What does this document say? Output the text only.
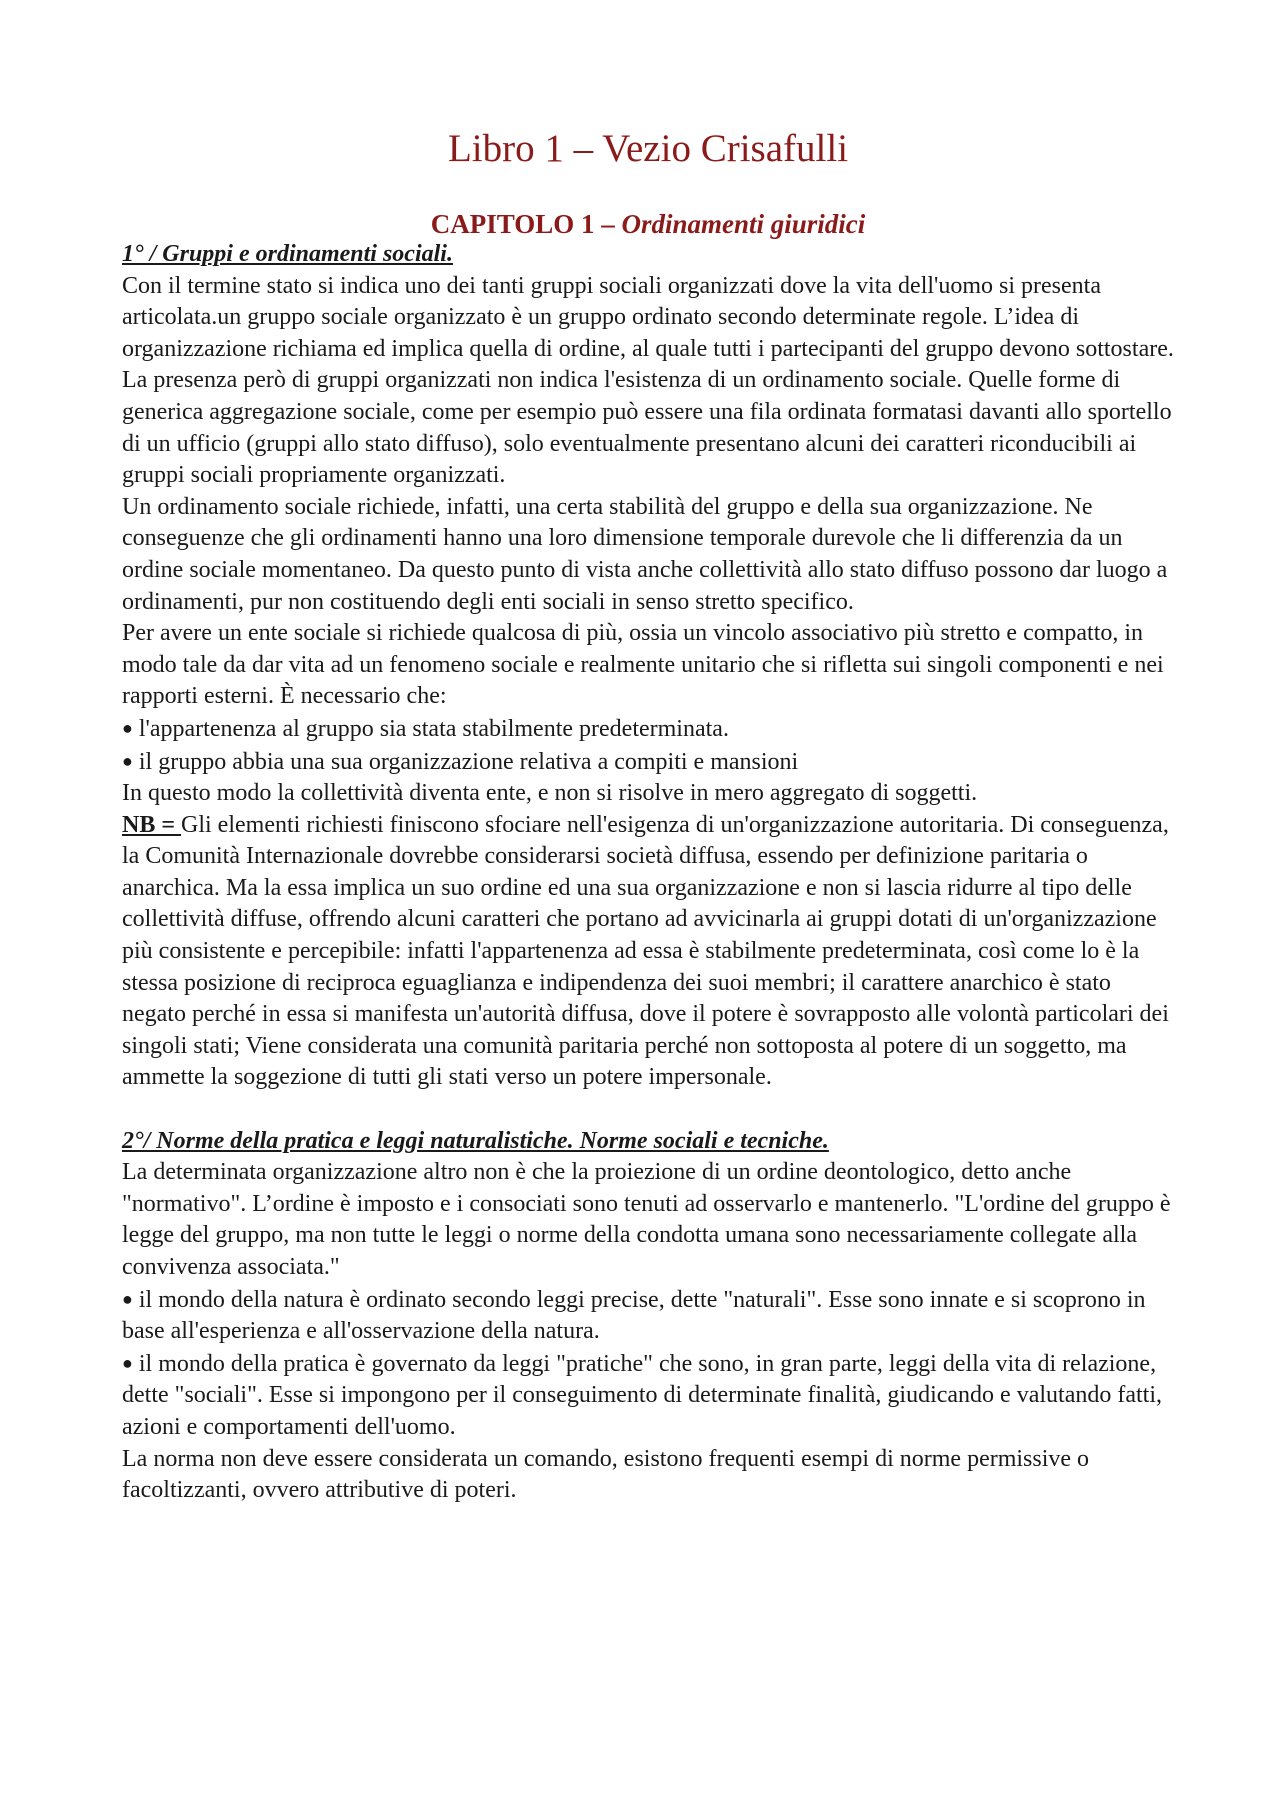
Libro 1 – Vezio Crisafulli
CAPITOLO 1 – Ordinamenti giuridici
1° / Gruppi e ordinamenti sociali.

Con il termine stato si indica uno dei tanti gruppi sociali organizzati dove la vita dell'uomo si presenta articolata.un gruppo sociale organizzato è un gruppo ordinato secondo determinate regole. L’idea di organizzazione richiama ed implica quella di ordine, al quale tutti i partecipanti del gruppo devono sottostare. La presenza però di gruppi organizzati non indica l'esistenza di un ordinamento sociale. Quelle forme di generica aggregazione sociale, come per esempio può essere una fila ordinata formatasi davanti allo sportello di un ufficio (gruppi allo stato diffuso), solo eventualmente presentano alcuni dei caratteri riconducibili ai gruppi sociali propriamente organizzati.

Un ordinamento sociale richiede, infatti, una certa stabilità del gruppo e della sua organizzazione. Ne conseguenze che gli ordinamenti hanno una loro dimensione temporale durevole che li differenzia da un ordine sociale momentaneo. Da questo punto di vista anche collettività allo stato diffuso possono dar luogo a ordinamenti, pur non costituendo degli enti sociali in senso stretto specifico.

Per avere un ente sociale si richiede qualcosa di più, ossia un vincolo associativo più stretto e compatto, in modo tale da dar vita ad un fenomeno sociale e realmente unitario che si rifletta sui singoli componenti e nei rapporti esterni. È necessario che:

● l'appartenenza al gruppo sia stata stabilmente predeterminata.

● il gruppo abbia una sua organizzazione relativa a compiti e mansioni

In questo modo la collettività diventa ente, e non si risolve in mero aggregato di soggetti.

NB = Gli elementi richiesti finiscono sfociare nell'esigenza di un'organizzazione autoritaria. Di conseguenza, la Comunità Internazionale dovrebbe considerarsi società diffusa, essendo per definizione paritaria o anarchica. Ma la essa implica un suo ordine ed una sua organizzazione e non si lascia ridurre al tipo delle collettività diffuse, offrendo alcuni caratteri che portano ad avvicinarla ai gruppi dotati di un'organizzazione più consistente e percepibile: infatti l'appartenenza ad essa è stabilmente predeterminata, così come lo è la stessa posizione di reciproca eguaglianza e indipendenza dei suoi membri; il carattere anarchico è stato negato perché in essa si manifesta un'autorità diffusa, dove il potere è sovrapposto alle volontà particolari dei singoli stati; Viene considerata una comunità paritaria perché non sottoposta al potere di un soggetto, ma ammette la soggezione di tutti gli stati verso un potere impersonale.

2°/ Norme della pratica e leggi naturalistiche. Norme sociali e tecniche.

La determinata organizzazione altro non è che la proiezione di un ordine deontologico, detto anche "normativo". L’ordine è imposto e i consociati sono tenuti ad osservarlo e mantenerlo. "L'ordine del gruppo è legge del gruppo, ma non tutte le leggi o norme della condotta umana sono necessariamente collegate alla convivenza associata."

● il mondo della natura è ordinato secondo leggi precise, dette "naturali". Esse sono innate e si scoprono in base all'esperienza e all'osservazione della natura.

● il mondo della pratica è governato da leggi "pratiche" che sono, in gran parte, leggi della vita di relazione, dette "sociali". Esse si impongono per il conseguimento di determinate finalità, giudicando e valutando fatti, azioni e comportamenti dell'uomo.

La norma non deve essere considerata un comando, esistono frequenti esempi di norme permissive o facoltizzanti, ovvero attributive di poteri.
